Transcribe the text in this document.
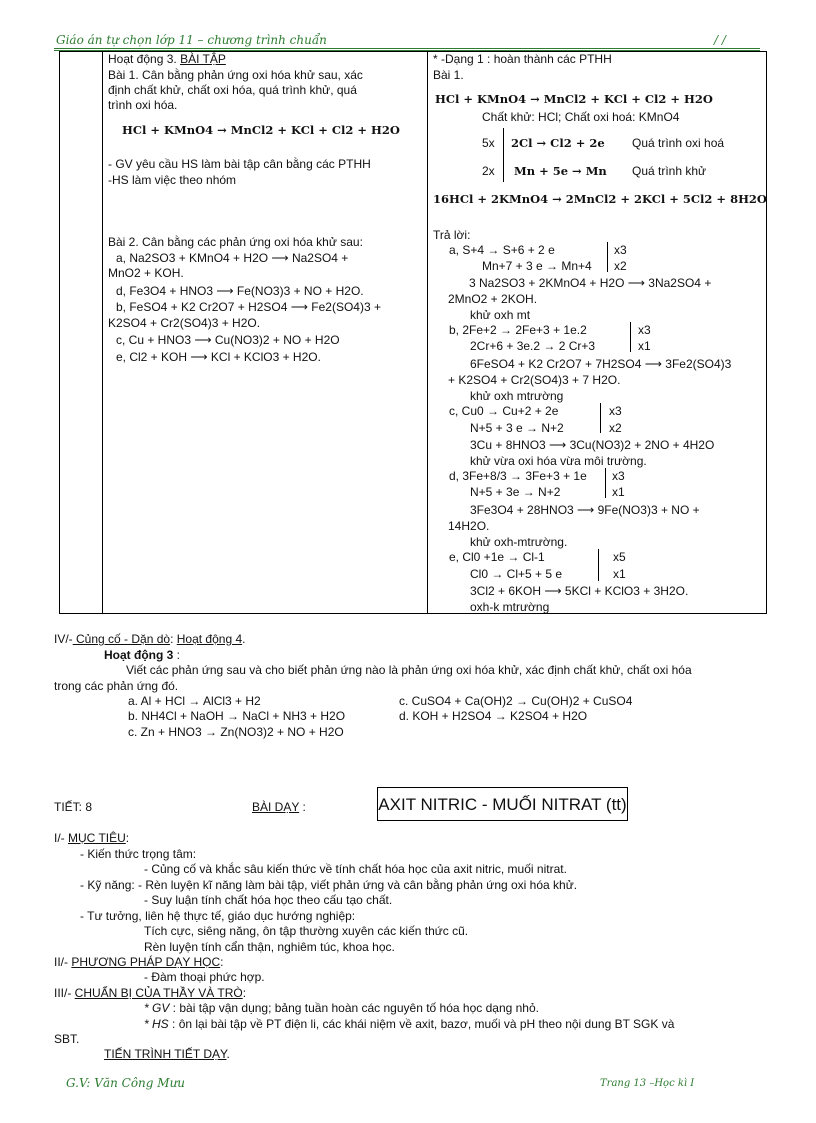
Giáo án tự chọn lớp 11 – chương trình chuẩn	/ /
Hoạt động 3. BÀI TẬP
Bài 1. Cân bằng phản ứng oxi hóa khử sau, xác
định chất khử, chất oxi hóa, quá trình khử, quá
trình oxi hóa.
HCl + KMnO4 → MnCl2 + KCl + Cl2 + H2O
- GV yêu cầu HS làm bài tập cân bằng các PTHH
-HS làm việc theo nhóm
Bài 2. Cân bằng các phản ứng oxi hóa khử sau:
a, Na2SO3 + KMnO4 + H2O ⟶ Na2SO4 +
MnO2 + KOH.
d, Fe3O4 + HNO3 ⟶ Fe(NO3)3 + NO + H2O.
b, FeSO4 + K2 Cr2O7 + H2SO4 ⟶ Fe2(SO4)3 +
K2SO4 + Cr2(SO4)3 + H2O.
c, Cu + HNO3 ⟶ Cu(NO3)2 + NO + H2O
e, Cl2 + KOH ⟶ KCl + KClO3 + H2O.
* -Dạng 1 : hoàn thành các PTHH
Bài 1.
HCl + KMnO4 → MnCl2 + KCl + Cl2 + H2O
Chất khử: HCl; Chất oxi hoá: KMnO4
5x 2Cl → Cl2 + 2e Quá trình oxi hoá
2x Mn + 5e → Mn Quá trình khử
16HCl + 2KMnO4 → 2MnCl2 + 2KCl + 5Cl2 + 8H2O
Trả lời:
a, S+4 → S+6 + 2 e	x3
Mn+7 + 3 e → Mn+4 x2
3 Na2SO3 + 2KMnO4 + H2O ⟶ 3Na2SO4 +
2MnO2 + 2KOH.
khử oxh mt
b, 2Fe+2 → 2Fe+3 + 1e.2	x3
2Cr+6 + 3e.2 → 2 Cr+3	x1
6FeSO4 + K2 Cr2O7 + 7H2SO4 ⟶ 3Fe2(SO4)3
+ K2SO4 + Cr2(SO4)3 + 7 H2O.
khử oxh mtrường
c, Cu0 → Cu+2 + 2e	x3
N+5 + 3 e → N+2	x2
3Cu + 8HNO3 ⟶ 3Cu(NO3)2 + 2NO + 4H2O
khử vừa oxi hóa vừa môi trường.
d, 3Fe+8/3 → 3Fe+3 + 1e x3
N+5 + 3e → N+2	x1
3Fe3O4 + 28HNO3 ⟶ 9Fe(NO3)3 + NO +
14H2O.
khử oxh-mtrường.
e, Cl0 +1e → Cl-1	x5
Cl0 → Cl+5 + 5 e	x1
3Cl2 + 6KOH ⟶ 5KCl + KClO3 + 3H2O.
oxh-k mtrường
IV/- Củng cố - Dặn dò: Hoạt động 4.
Hoạt động 3 :
Viết các phản ứng sau và cho biết phản ứng nào là phản ứng oxi hóa khử, xác định chất khử, chất oxi hóa
trong các phản ứng đó.
a. Al + HCl → AlCl3 + H2
b. NH4Cl + NaOH → NaCl + NH3 + H2O
c. Zn + HNO3 → Zn(NO3)2 + NO + H2O
c. CuSO4 + Ca(OH)2 → Cu(OH)2 + CuSO4
d. KOH + H2SO4 → K2SO4 + H2O
TIẾT: 8	BÀI DẠY :	AXIT NITRIC - MUỐI NITRAT (tt)
I/- MỤC TIÊU:
- Kiến thức trọng tâm:
- Củng cố và khắc sâu kiến thức về tính chất hóa học của axit nitric, muối nitrat.
- Kỹ năng: - Rèn luyện kĩ năng làm bài tập, viết phản ứng và cân bằng phản ứng oxi hóa khử.
- Suy luận tính chất hóa học theo cấu tạo chất.
- Tư tưởng, liên hệ thực tế, giáo dục hướng nghiệp:
Tích cực, siêng năng, ôn tập thường xuyên các kiến thức cũ.
Rèn luyện tính cẩn thận, nghiêm túc, khoa học.
II/- PHƯƠNG PHÁP DẠY HỌC:
- Đàm thoại phức hợp.
III/- CHUẨN BỊ CỦA THẦY VÀ TRÒ:
* GV : bài tập vận dụng; bảng tuần hoàn các nguyên tố hóa học dạng nhỏ.
* HS : ôn lại bài tập về PT điện li, các khái niệm về axit, bazơ, muối và pH theo nội dung BT SGK và
SBT.
TIẾN TRÌNH TIẾT DẠY.
G.V: Văn Công Mưu	Trang 13 –Học kì I
